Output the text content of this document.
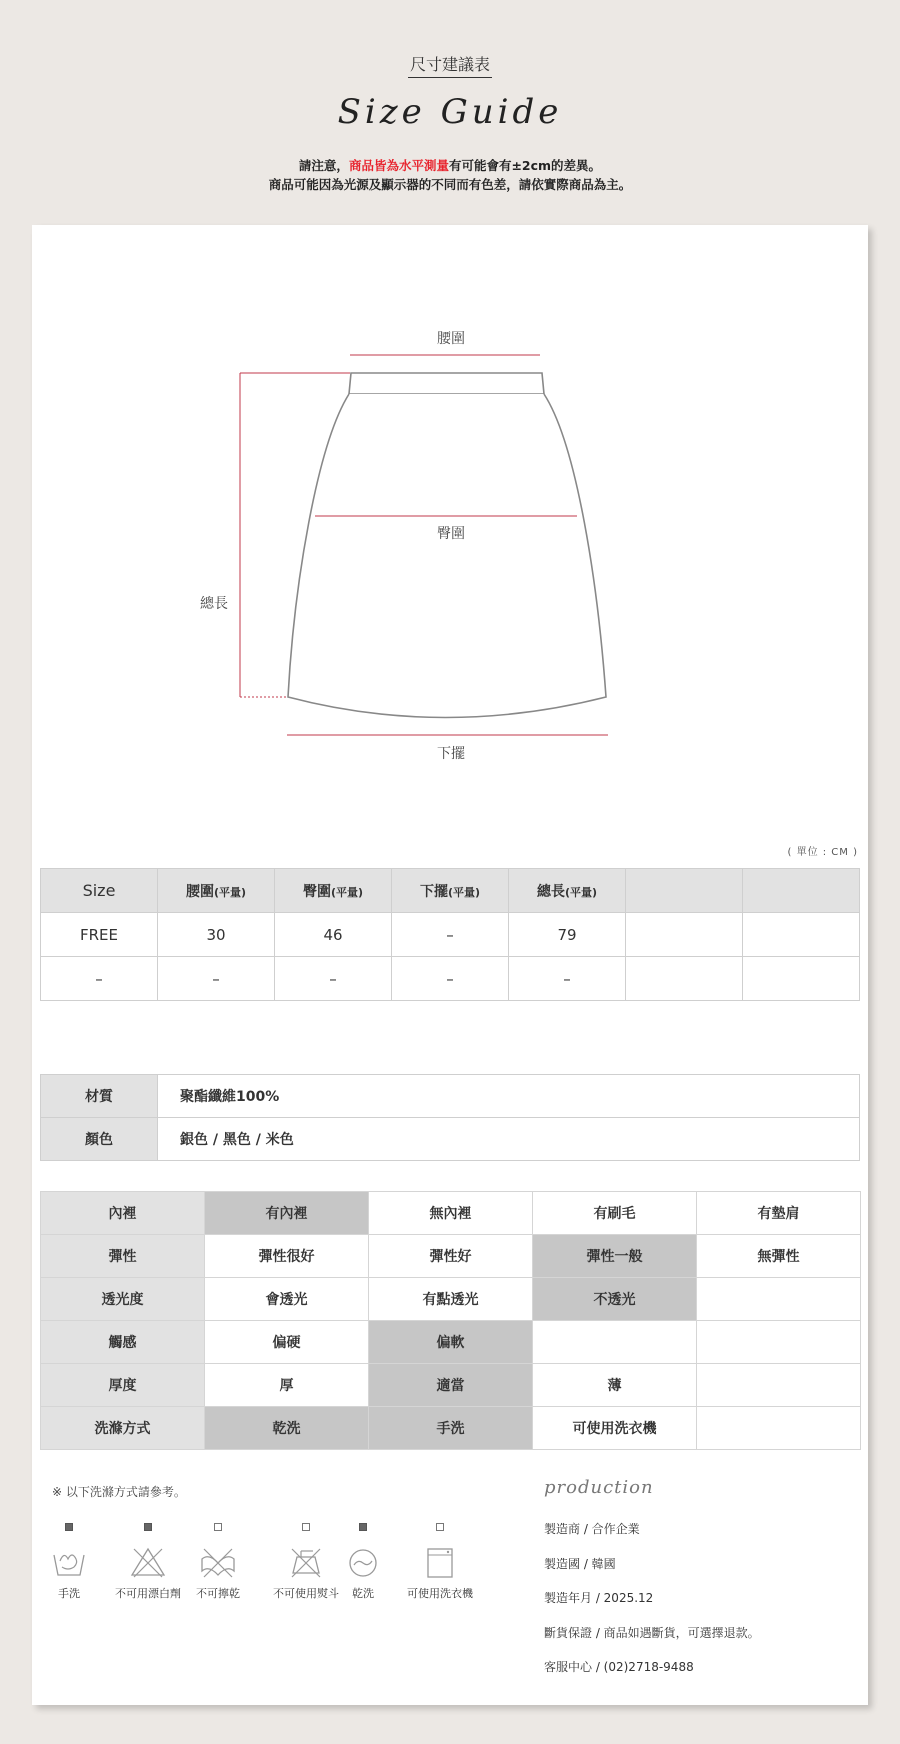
尺寸建議表
Size Guide
請注意，商品皆為水平測量有可能會有±2cm的差異。
商品可能因為光源及顯示器的不同而有色差，請依實際商品為主。
腰圍
臀圍
總長
下擺
( 單位 : CM )
Size	腰圍(平量)	臀圍(平量)	下擺(平量)	總長(平量)		
FREE	30	46	–	79		
–	–	–	–	–		
材質	聚酯纖維100%
顏色	銀色 / 黑色 / 米色
內裡	有內裡	無內裡	有刷毛	有墊肩
彈性	彈性很好	彈性好	彈性一般	無彈性
透光度	會透光	有點透光	不透光	
觸感	偏硬	偏軟		
厚度	厚	適當	薄	
洗滌方式	乾洗	手洗	可使用洗衣機	
※ 以下洗滌方式請參考。
手洗	不可用漂白劑	不可擰乾	不可使用熨斗	乾洗	可使用洗衣機
production
製造商 / 合作企業
製造國 / 韓國
製造年月 / 2025.12
斷貨保證 / 商品如遇斷貨，可選擇退款。
客服中心 / (02)2718-9488
